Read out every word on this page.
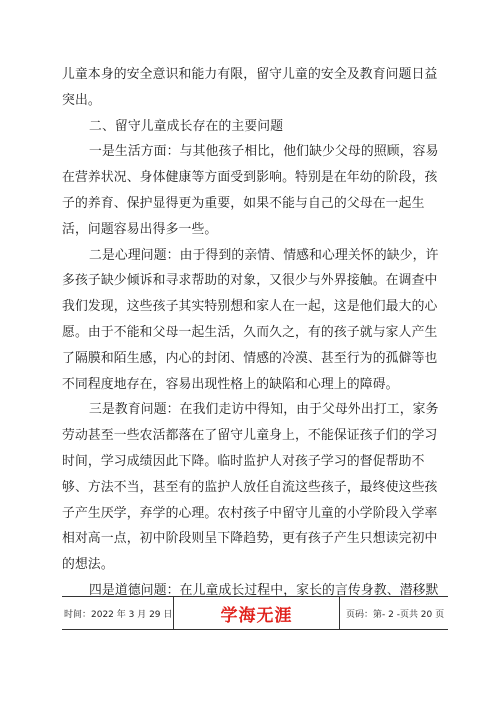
儿童本身的安全意识和能力有限，留守儿童的安全及教育问题日益
突出。
二、留守儿童成长存在的主要问题
一是生活方面：与其他孩子相比，他们缺少父母的照顾，容易
在营养状况、身体健康等方面受到影响。特别是在年幼的阶段，孩
子的养育、保护显得更为重要，如果不能与自己的父母在一起生
活，问题容易出得多一些。
二是心理问题：由于得到的亲情、情感和心理关怀的缺少，许
多孩子缺少倾诉和寻求帮助的对象，又很少与外界接触。在调查中
我们发现，这些孩子其实特别想和家人在一起，这是他们最大的心
愿。由于不能和父母一起生活，久而久之，有的孩子就与家人产生
了隔膜和陌生感，内心的封闭、情感的冷漠、甚至行为的孤僻等也
不同程度地存在，容易出现性格上的缺陷和心理上的障碍。
三是教育问题：在我们走访中得知，由于父母外出打工，家务
劳动甚至一些农活都落在了留守儿童身上，不能保证孩子们的学习
时间，学习成绩因此下降。临时监护人对孩子学习的督促帮助不
够、方法不当，甚至有的监护人放任自流这些孩子，最终使这些孩
子产生厌学，弃学的心理。农村孩子中留守儿童的小学阶段入学率
相对高一点，初中阶段则呈下降趋势，更有孩子产生只想读完初中
的想法。
四是道德问题：在儿童成长过程中，家长的言传身教、潜移默
时间：2022 年 3 月 29 日	学海无涯	页码：第- 2 -页共 20 页
